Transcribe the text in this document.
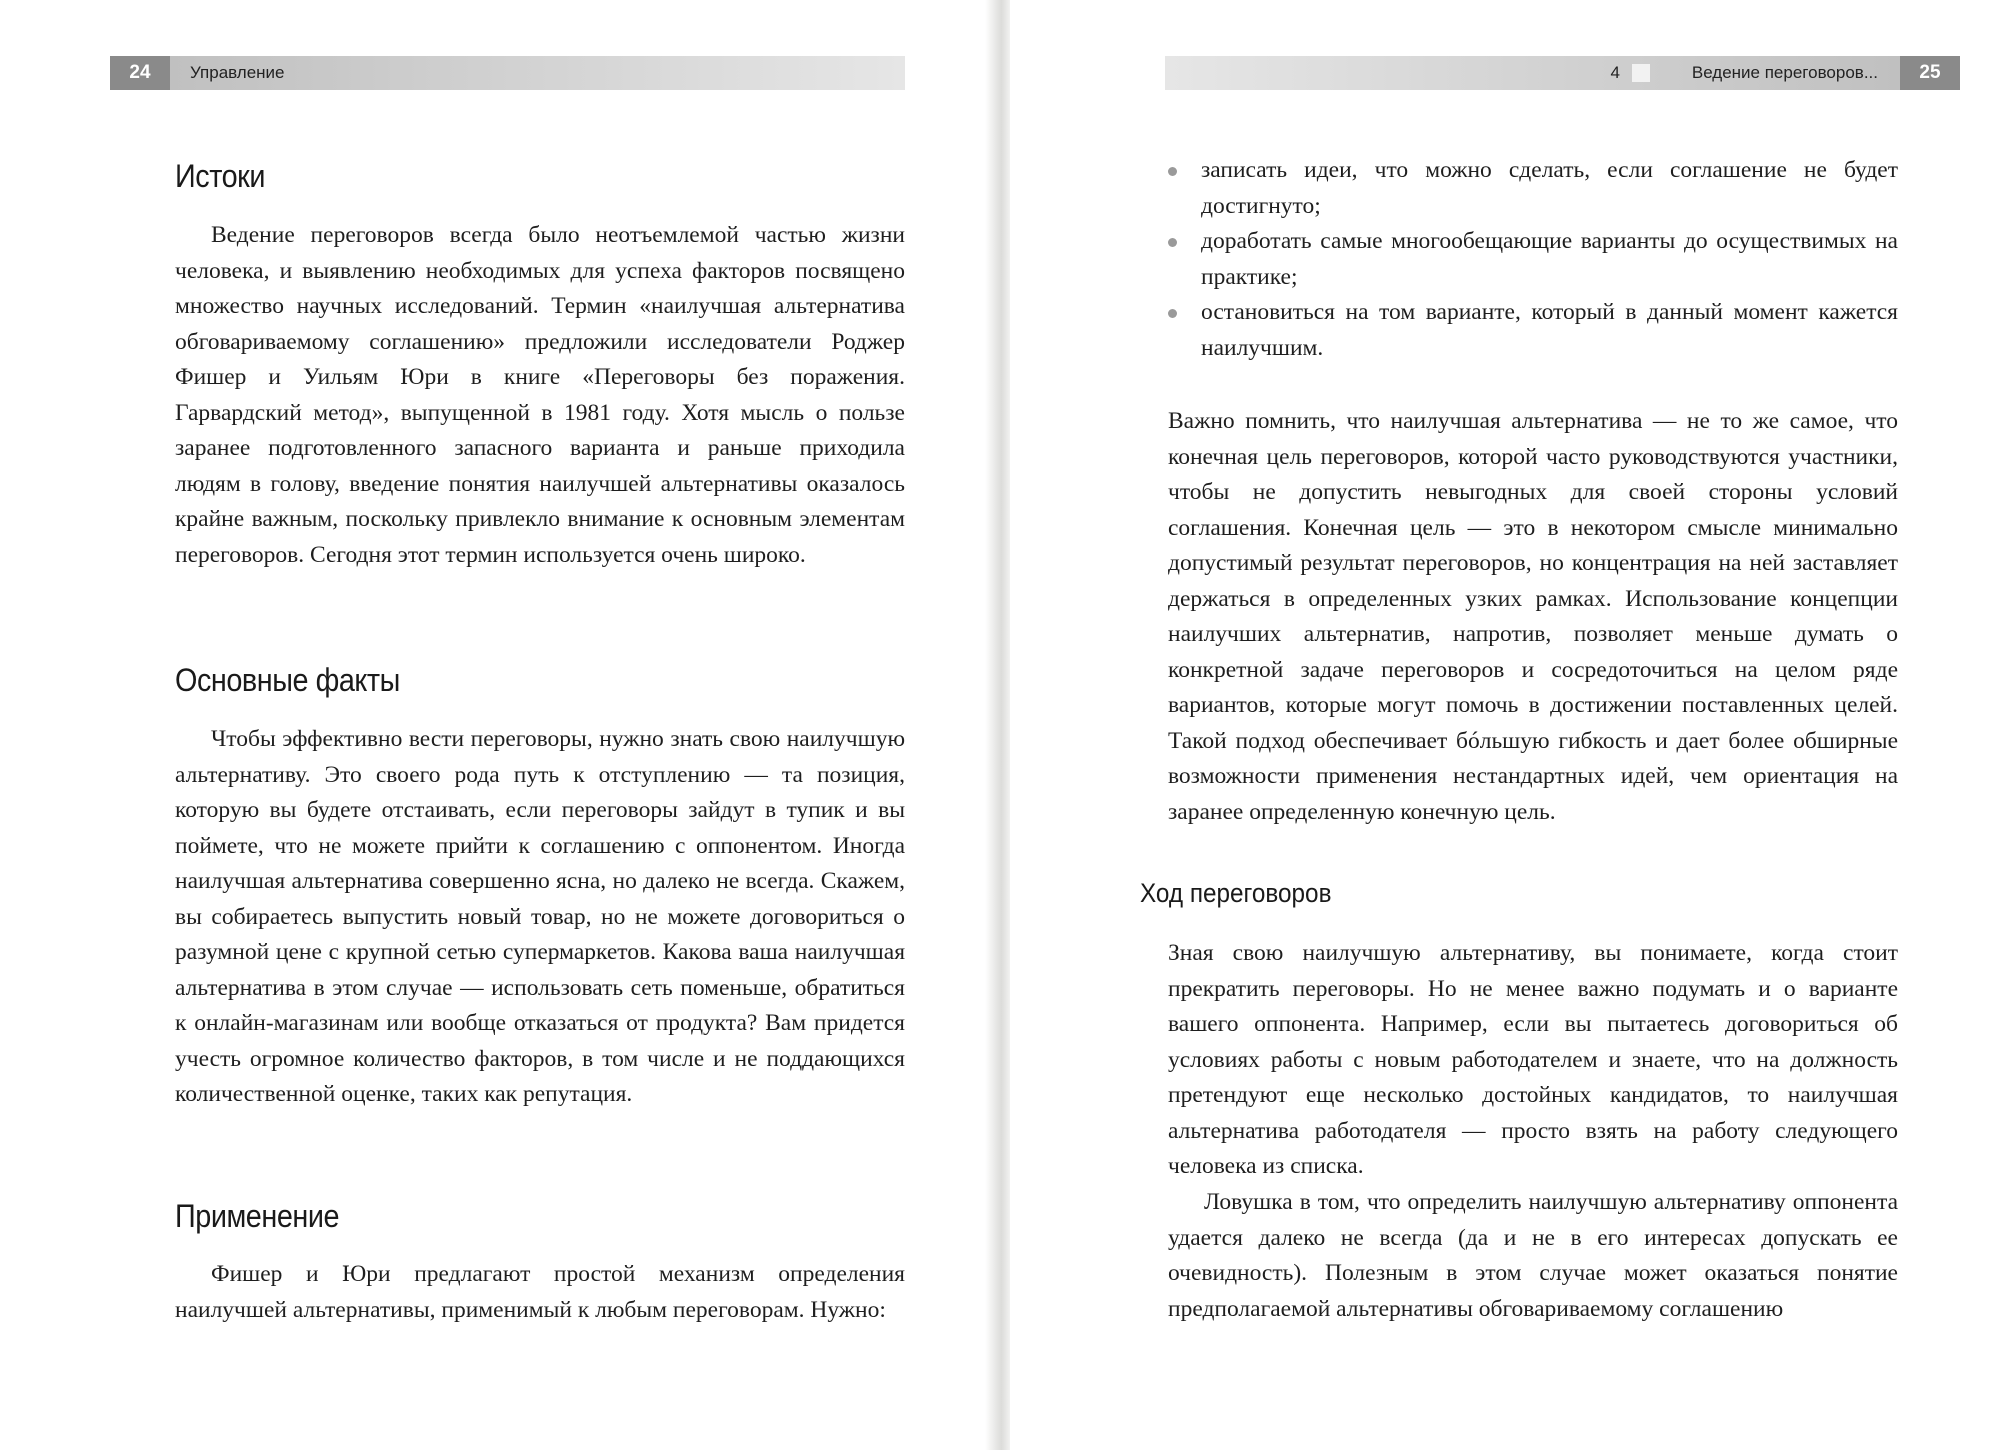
24	Управление
Истоки

Ведение переговоров всегда было неотъемлемой частью жизни человека, и выявлению необходимых для успеха факторов посвящено множество научных исследований. Термин «наилучшая альтернатива обговариваемому соглашению» предложили исследователи Роджер Фишер и Уильям Юри в книге «Переговоры без поражения. Гарвардский метод», выпущенной в 1981 году. Хотя мысль о пользе заранее подготовленного запасного варианта и раньше приходила людям в голову, введение понятия наилучшей альтернативы оказалось крайне важным, поскольку привлекло внимание к основным элементам переговоров. Сегодня этот термин используется очень широко.

Основные факты

Чтобы эффективно вести переговоры, нужно знать свою наилучшую альтернативу. Это своего рода путь к отступлению — та позиция, которую вы будете отстаивать, если переговоры зайдут в тупик и вы поймете, что не можете прийти к соглашению с оппонентом. Иногда наилучшая альтернатива совершенно ясна, но далеко не всегда. Скажем, вы собираетесь выпустить новый товар, но не можете договориться о разумной цене с крупной сетью супермаркетов. Какова ваша наилучшая альтернатива в этом случае — использовать сеть поменьше, обратиться к онлайн-магазинам или вообще отказаться от продукта? Вам придется учесть огромное количество факторов, в том числе и не поддающихся количественной оценке, таких как репутация.

Применение

Фишер и Юри предлагают простой механизм определения наилучшей альтернативы, применимый к любым переговорам. Нужно:

4	Ведение переговоров...	25
записать идеи, что можно сделать, если соглашение не будет достигнуто;
доработать самые многообещающие варианты до осуществимых на практике;
остановиться на том варианте, который в данный момент кажется наилучшим.

Важно помнить, что наилучшая альтернатива — не то же самое, что конечная цель переговоров, которой часто руководствуются участники, чтобы не допустить невыгодных для своей стороны условий соглашения. Конечная цель — это в некотором смысле минимально допустимый результат переговоров, но концентрация на ней заставляет держаться в определенных узких рамках. Использование концепции наилучших альтернатив, напротив, позволяет меньше думать о конкретной задаче переговоров и сосредоточиться на целом ряде вариантов, которые могут помочь в достижении поставленных целей. Такой подход обеспечивает бóльшую гибкость и дает более обширные возможности применения нестандартных идей, чем ориентация на заранее определенную конечную цель.

Ход переговоров

Зная свою наилучшую альтернативу, вы понимаете, когда стоит прекратить переговоры. Но не менее важно подумать и о варианте вашего оппонента. Например, если вы пытаетесь договориться об условиях работы с новым работодателем и знаете, что на должность претендуют еще несколько достойных кандидатов, то наилучшая альтернатива работодателя — просто взять на работу следующего человека из списка.

Ловушка в том, что определить наилучшую альтернативу оппонента удается далеко не всегда (да и не в его интересах допускать ее очевидность). Полезным в этом случае может оказаться понятие предполагаемой альтернативы обговариваемому соглашению
